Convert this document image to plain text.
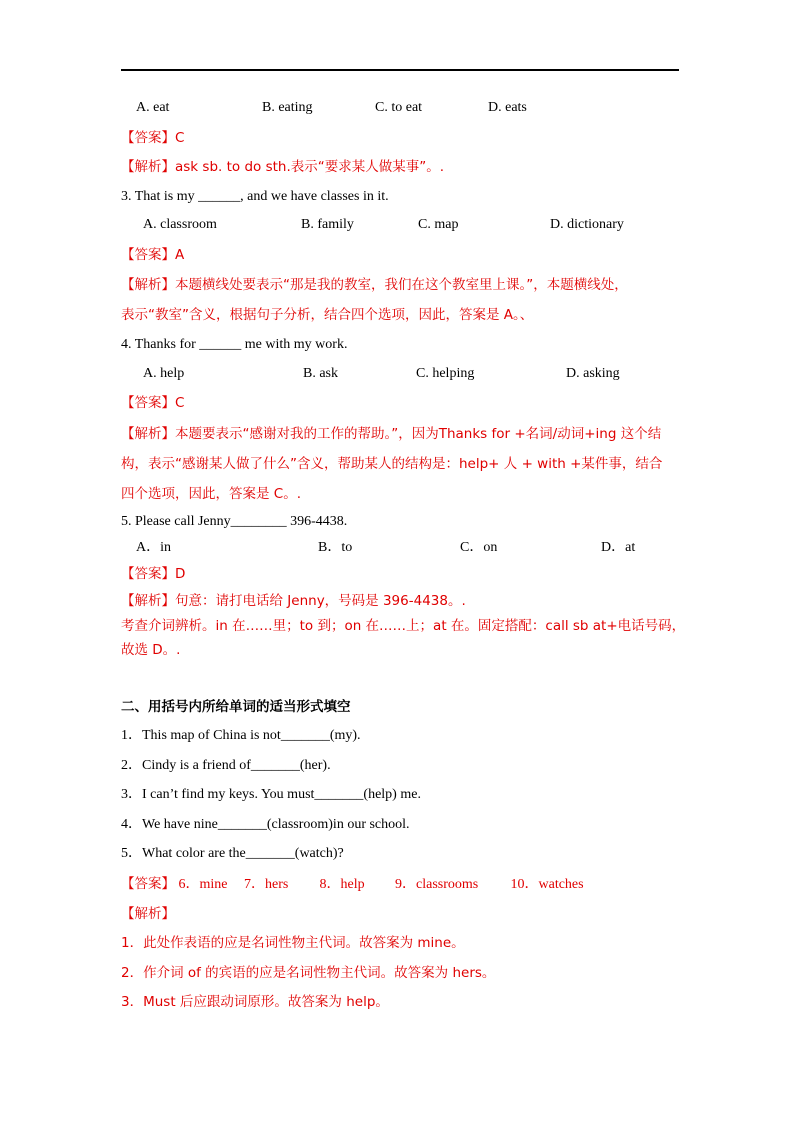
A. eat	B. eating	C. to eat	D. eats
【答案】C
【解析】ask sb. to do sth.表示“要求某人做某事”。.
3. That is my ______, and we have classes in it.
A. classroom	B. family	C. map	D. dictionary
【答案】A
【解析】本题横线处要表示“那是我的教室，我们在这个教室里上课。”，本题横线处，
表示“教室”含义，根据句子分析，结合四个选项，因此，答案是 A。、
4. Thanks for ______ me with my work.
A. help	B. ask	C. helping	D. asking
【答案】C
【解析】本题要表示“感谢对我的工作的帮助。”，因为Thanks for +名词/动词+ing 这个结
构，表示“感谢某人做了什么”含义，帮助某人的结构是：help+ 人 + with +某件事，结合
四个选项，因此，答案是 C。.
5. Please call Jenny________ 396-4438.
A．in	B．to	C．on	D．at
【答案】D
【解析】句意：请打电话给 Jenny，号码是 396-4438。.
考查介词辨析。in 在……里；to 到；on 在……上；at 在。固定搭配：call sb at+电话号码，
故选 D。.
二、用括号内所给单词的适当形式填空
1．This map of China is not_______(my).
2．Cindy is a friend of_______(her).
3．I can’t find my keys. You must_______(help) me.
4．We have nine_______(classroom)in our school.
5．What color are the_______(watch)?
【答案】 6．mine 7．hers 8．help 9．classrooms 10．watches
【解析】
1．此处作表语的应是名词性物主代词。故答案为 mine。
2．作介词 of 的宾语的应是名词性物主代词。故答案为 hers。
3．Must 后应跟动词原形。故答案为 help。
